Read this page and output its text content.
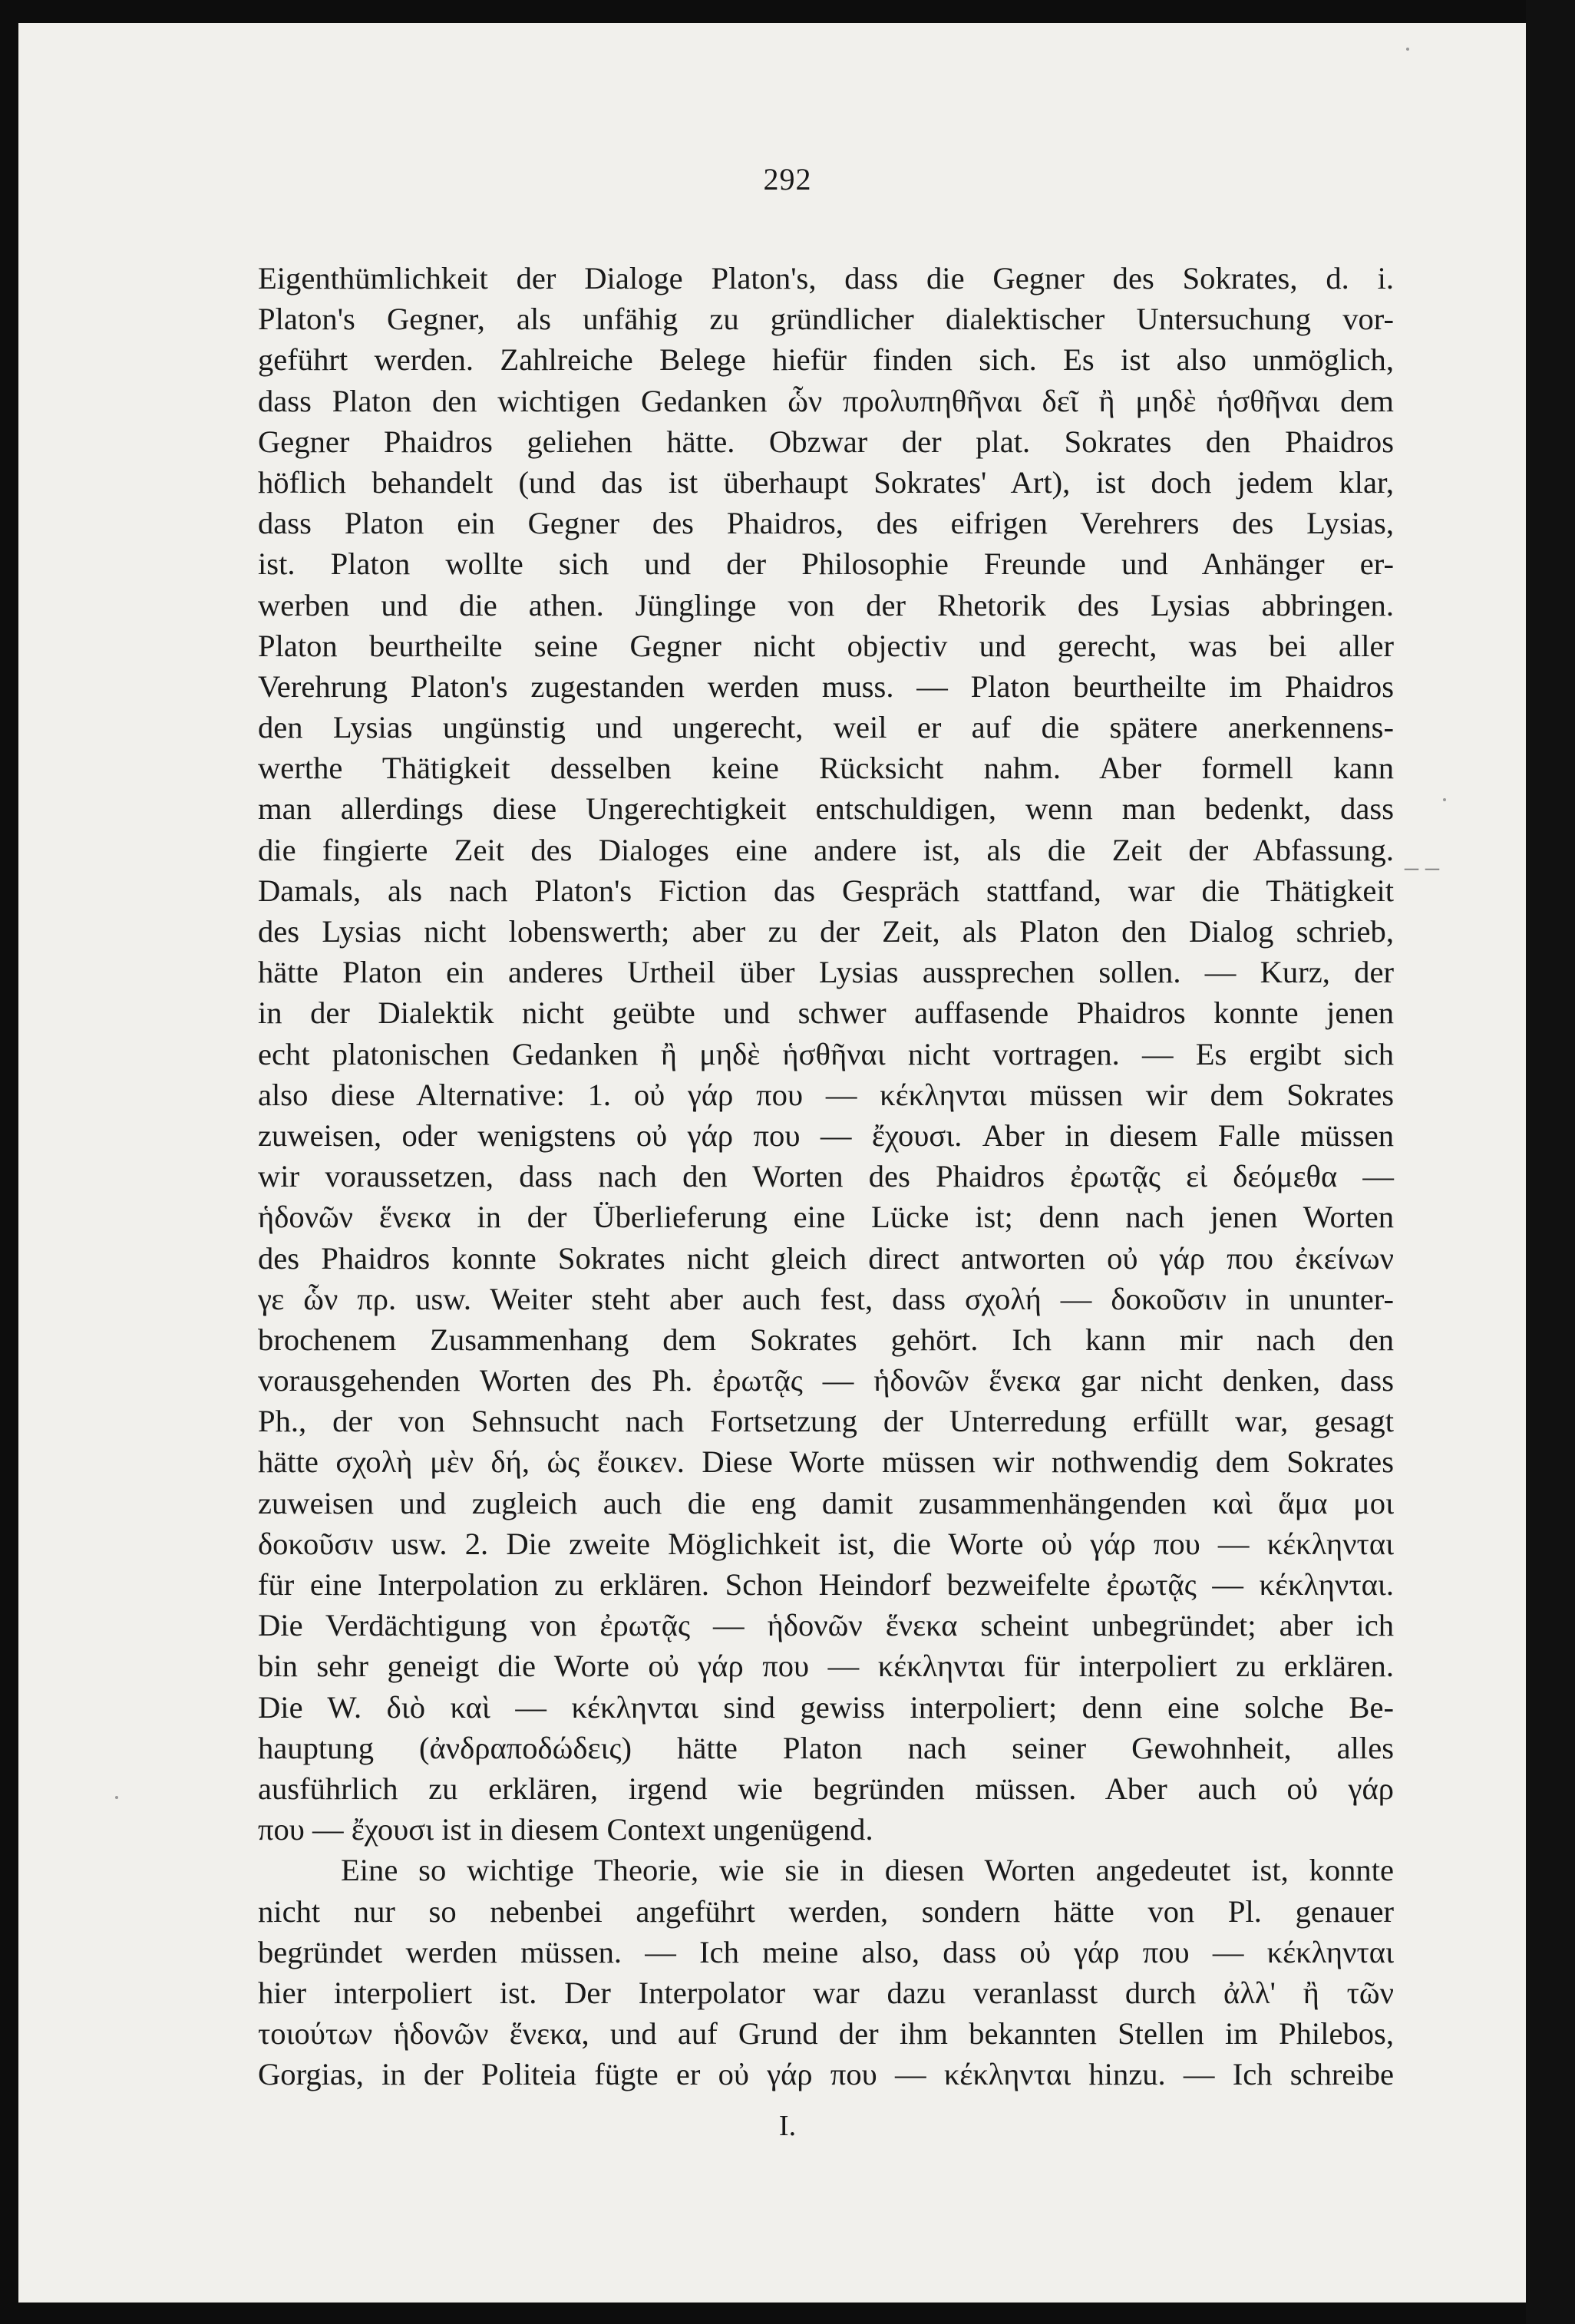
292
Eigenthümlichkeit der Dialoge Platon's, dass die Gegner des Sokrates, d. i.
Platon's Gegner, als unfähig zu gründlicher dialektischer Untersuchung vor-
geführt werden. Zahlreiche Belege hiefür finden sich. Es ist also unmöglich,
dass Platon den wichtigen Gedanken ὧν προλυπηθῆναι δεῖ ἢ μηδὲ ἡσθῆναι dem
Gegner Phaidros geliehen hätte. Obzwar der plat. Sokrates den Phaidros
höflich behandelt (und das ist überhaupt Sokrates' Art), ist doch jedem klar,
dass Platon ein Gegner des Phaidros, des eifrigen Verehrers des Lysias,
ist. Platon wollte sich und der Philosophie Freunde und Anhänger er-
werben und die athen. Jünglinge von der Rhetorik des Lysias abbringen.
Platon beurtheilte seine Gegner nicht objectiv und gerecht, was bei aller
Verehrung Platon's zugestanden werden muss. — Platon beurtheilte im Phaidros
den Lysias ungünstig und ungerecht, weil er auf die spätere anerkennens-
werthe Thätigkeit desselben keine Rücksicht nahm. Aber formell kann
man allerdings diese Ungerechtigkeit entschuldigen, wenn man bedenkt, dass
die fingierte Zeit des Dialoges eine andere ist, als die Zeit der Abfassung.
Damals, als nach Platon's Fiction das Gespräch stattfand, war die Thätigkeit
des Lysias nicht lobenswerth; aber zu der Zeit, als Platon den Dialog schrieb,
hätte Platon ein anderes Urtheil über Lysias aussprechen sollen. — Kurz, der
in der Dialektik nicht geübte und schwer auffasende Phaidros konnte jenen
echt platonischen Gedanken ἢ μηδὲ ἡσθῆναι nicht vortragen. — Es ergibt sich
also diese Alternative: 1. οὐ γάρ που — κέκληνται müssen wir dem Sokrates
zuweisen, oder wenigstens οὐ γάρ που — ἔχουσι. Aber in diesem Falle müssen
wir voraussetzen, dass nach den Worten des Phaidros ἐρωτᾷς εἰ δεόμεθα —
ἡδονῶν ἕνεκα in der Überlieferung eine Lücke ist; denn nach jenen Worten
des Phaidros konnte Sokrates nicht gleich direct antworten οὐ γάρ που ἐκείνων
γε ὧν πρ. usw. Weiter steht aber auch fest, dass σχολή — δοκοῦσιν in ununter-
brochenem Zusammenhang dem Sokrates gehört. Ich kann mir nach den
vorausgehenden Worten des Ph. ἐρωτᾷς — ἡδονῶν ἕνεκα gar nicht denken, dass
Ph., der von Sehnsucht nach Fortsetzung der Unterredung erfüllt war, gesagt
hätte σχολὴ μὲν δή, ὡς ἔοικεν. Diese Worte müssen wir nothwendig dem Sokrates
zuweisen und zugleich auch die eng damit zusammenhängenden καὶ ἅμα μοι
δοκοῦσιν usw. 2. Die zweite Möglichkeit ist, die Worte οὐ γάρ που — κέκληνται
für eine Interpolation zu erklären. Schon Heindorf bezweifelte ἐρωτᾷς — κέκληνται.
Die Verdächtigung von ἐρωτᾷς — ἡδονῶν ἕνεκα scheint unbegründet; aber ich
bin sehr geneigt die Worte οὐ γάρ που — κέκληνται für interpoliert zu erklären.
Die W. διὸ καὶ — κέκληνται sind gewiss interpoliert; denn eine solche Be-
hauptung (ἀνδραποδώδεις) hätte Platon nach seiner Gewohnheit, alles
ausführlich zu erklären, irgend wie begründen müssen. Aber auch οὐ γάρ
που — ἔχουσι ist in diesem Context ungenügend.
Eine so wichtige Theorie, wie sie in diesen Worten angedeutet ist, konnte
nicht nur so nebenbei angeführt werden, sondern hätte von Pl. genauer
begründet werden müssen. — Ich meine also, dass οὐ γάρ που — κέκληνται
hier interpoliert ist. Der Interpolator war dazu veranlasst durch ἀλλ' ἢ τῶν
τοιούτων ἡδονῶν ἕνεκα, und auf Grund der ihm bekannten Stellen im Philebos,
Gorgias, in der Politeia fügte er οὐ γάρ που — κέκληνται hinzu. — Ich schreibe
_ _
I.
